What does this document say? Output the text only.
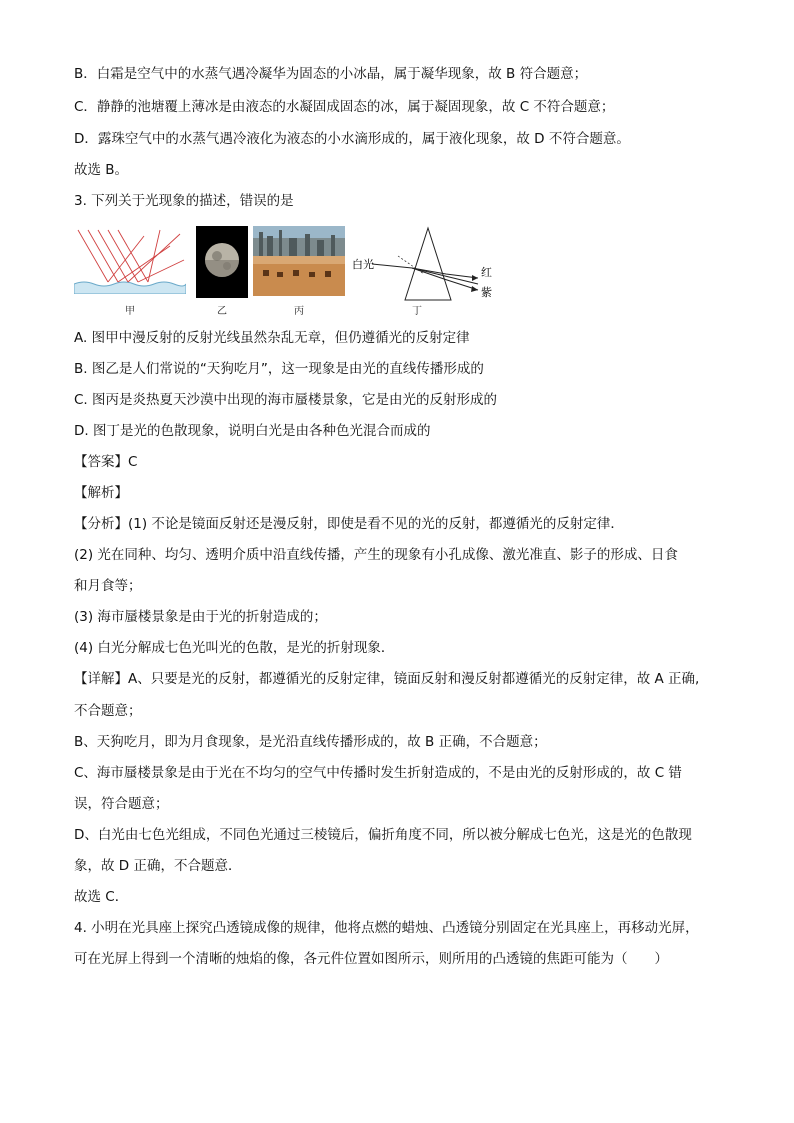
B．白霜是空气中的水蒸气遇冷凝华为固态的小冰晶，属于凝华现象，故 B 符合题意；
C．静静的池塘覆上薄冰是由液态的水凝固成固态的冰，属于凝固现象，故 C 不符合题意；
D．露珠空气中的水蒸气遇冷液化为液态的小水滴形成的，属于液化现象，故 D 不符合题意。
故选 B。
3. 下列关于光现象的描述，错误的是
白光
红
紫
甲	乙	丙	丁
A. 图甲中漫反射的反射光线虽然杂乱无章，但仍遵循光的反射定律
B. 图乙是人们常说的“天狗吃月”，这一现象是由光的直线传播形成的
C. 图丙是炎热夏天沙漠中出现的海市蜃楼景象，它是由光的反射形成的
D. 图丁是光的色散现象，说明白光是由各种色光混合而成的
【答案】C
【解析】
【分析】(1) 不论是镜面反射还是漫反射，即使是看不见的光的反射，都遵循光的反射定律．
(2) 光在同种、均匀、透明介质中沿直线传播，产生的现象有小孔成像、激光准直、影子的形成、日食
和月食等；
(3) 海市蜃楼景象是由于光的折射造成的；
(4) 白光分解成七色光叫光的色散，是光的折射现象．
【详解】A、只要是光的反射，都遵循光的反射定律，镜面反射和漫反射都遵循光的反射定律，故 A 正确,
不合题意；
B、天狗吃月，即为月食现象，是光沿直线传播形成的，故 B 正确，不合题意；
C、海市蜃楼景象是由于光在不均匀的空气中传播时发生折射造成的，不是由光的反射形成的，故 C 错
误，符合题意；
D、白光由七色光组成，不同色光通过三棱镜后，偏折角度不同，所以被分解成七色光，这是光的色散现
象，故 D 正确，不合题意．
故选 C．
4. 小明在光具座上探究凸透镜成像的规律，他将点燃的蜡烛、凸透镜分别固定在光具座上，再移动光屏，
可在光屏上得到一个清晰的烛焰的像，各元件位置如图所示，则所用的凸透镜的焦距可能为（　　）
